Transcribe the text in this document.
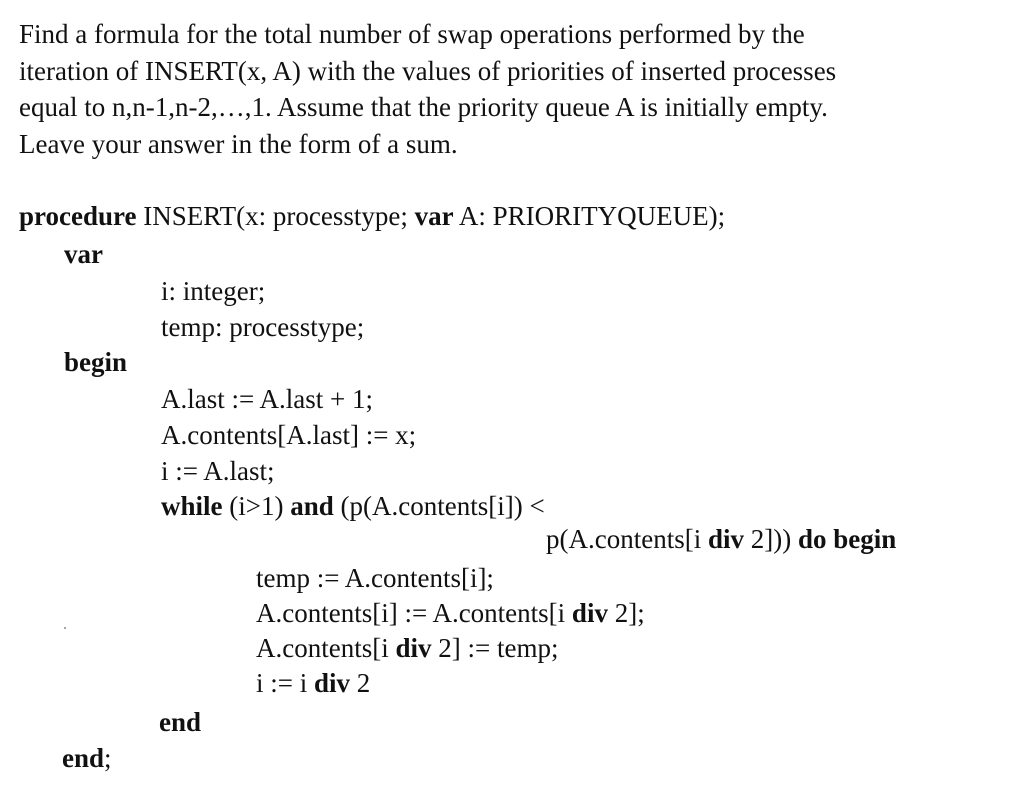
Find a formula for the total number of swap operations performed by the
iteration of INSERT(x, A) with the values of priorities of inserted processes
equal to n,n-1,n-2,…,1. Assume that the priority queue A is initially empty.
Leave your answer in the form of a sum.
procedure INSERT(x: processtype; var A: PRIORITYQUEUE);
var
i: integer;
temp: processtype;
begin
A.last := A.last + 1;
A.contents[A.last] := x;
i := A.last;
while (i>1) and (p(A.contents[i]) <
p(A.contents[i div 2])) do begin
temp := A.contents[i];
A.contents[i] := A.contents[i div 2];
A.contents[i div 2] := temp;
i := i div 2
end
end;
